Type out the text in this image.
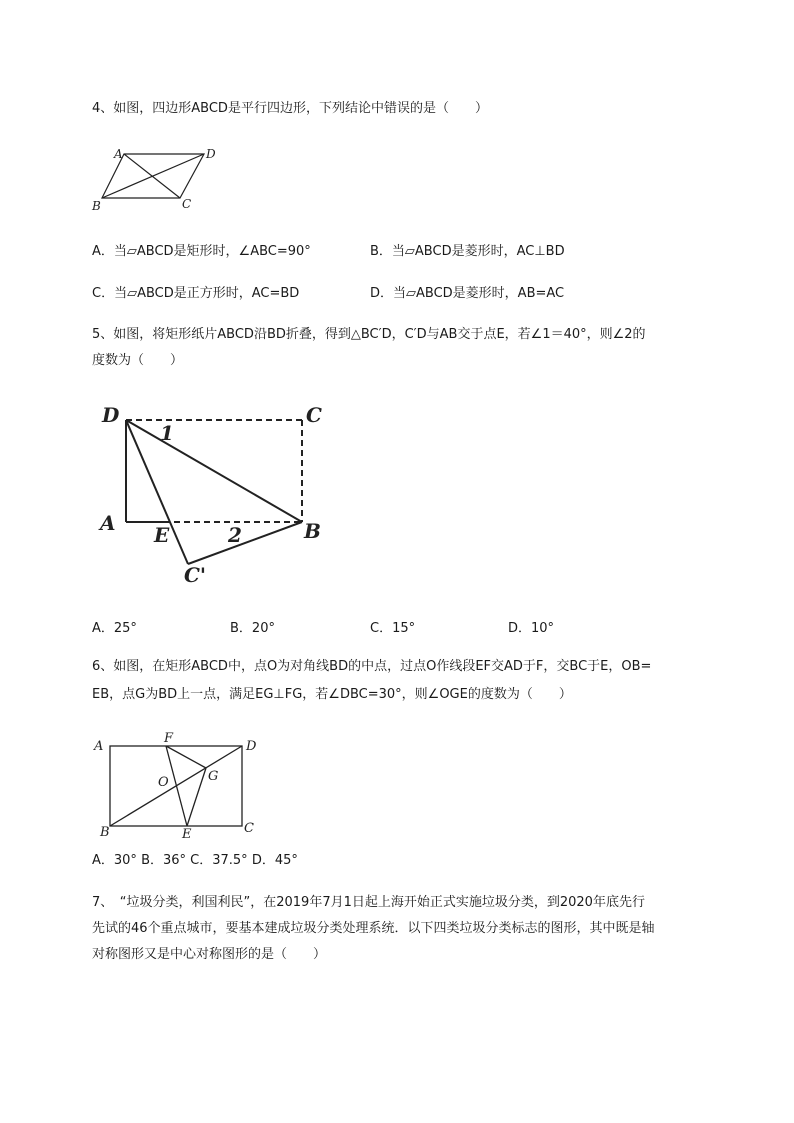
4、如图，四边形ABCD是平行四边形，下列结论中错误的是（　　）
A	D
B	C
A．当▱ABCD是矩形时，∠ABC=90°	B．当▱ABCD是菱形时，AC⊥BD
C．当▱ABCD是正方形时，AC=BD	D．当▱ABCD是菱形时，AB=AC
5、如图，将矩形纸片ABCD沿BD折叠，得到△BC′D，C′D与AB交于点E，若∠1＝40°，则∠2的
度数为（　　）
D	C
A E	B
C'
1
2
A．25°	B．20°	C．15°	D．10°
6、如图，在矩形ABCD中，点O为对角线BD的中点，过点O作线段EF交AD于F，交BC于E，OB=
EB，点G为BD上一点，满足EG⊥FG，若∠DBC=30°，则∠OGE的度数为（　　）
A	D
B	C
F
E
O	G
A．30° B．36° C．37.5° D．45°
7、　“垃圾分类，利国利民”，在2019年7月1日起上海开始正式实施垃圾分类，到2020年底先行
先试的46个重点城市，要基本建成垃圾分类处理系统．以下四类垃圾分类标志的图形，其中既是轴
对称图形又是中心对称图形的是（　　）
